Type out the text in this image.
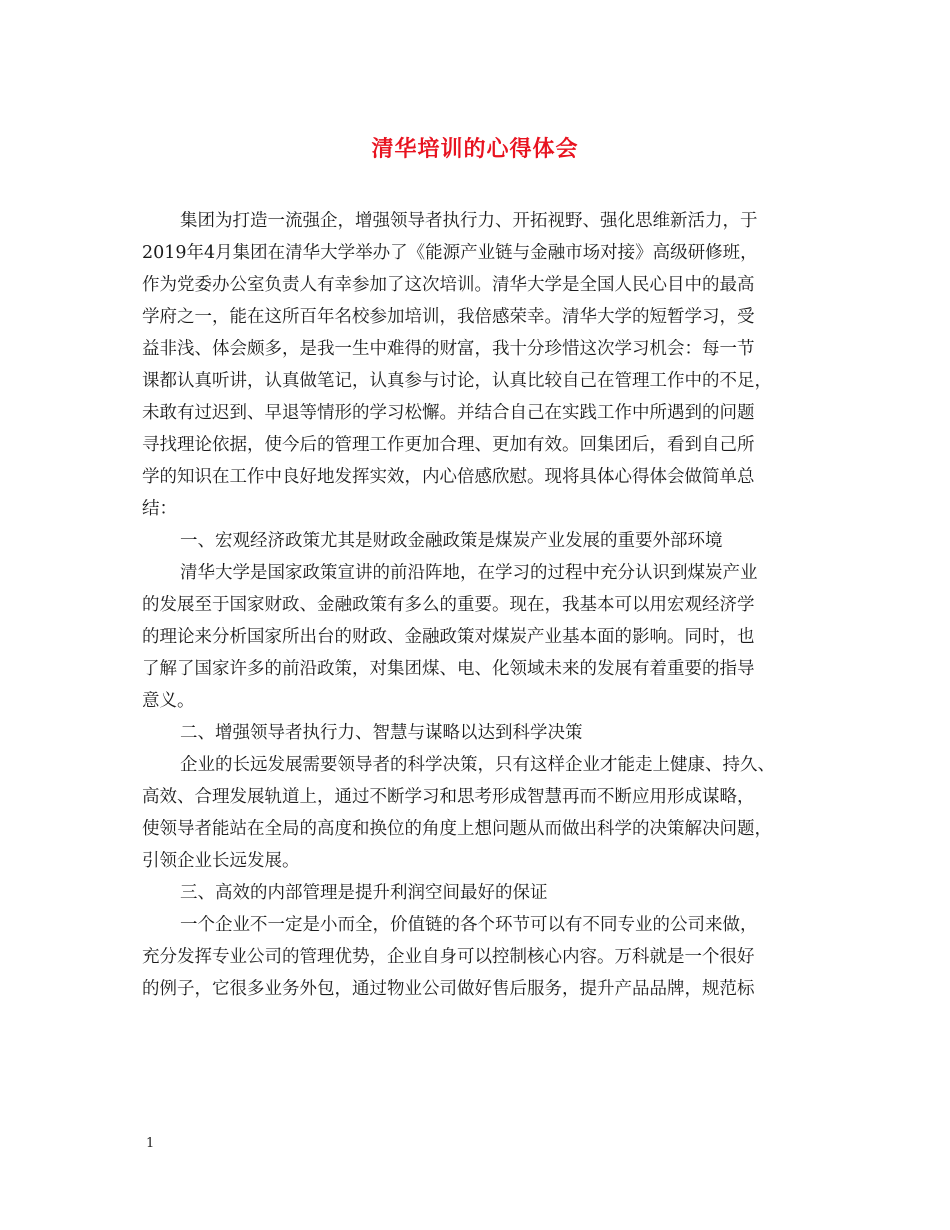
清华培训的心得体会
集团为打造一流强企，增强领导者执行力、开拓视野、强化思维新活力，于
2019年4月集团在清华大学举办了《能源产业链与金融市场对接》高级研修班，
作为党委办公室负责人有幸参加了这次培训。清华大学是全国人民心目中的最高
学府之一，能在这所百年名校参加培训，我倍感荣幸。清华大学的短暂学习，受
益非浅、体会颇多，是我一生中难得的财富，我十分珍惜这次学习机会：每一节
课都认真听讲，认真做笔记，认真参与讨论，认真比较自己在管理工作中的不足，
未敢有过迟到、早退等情形的学习松懈。并结合自己在实践工作中所遇到的问题
寻找理论依据，使今后的管理工作更加合理、更加有效。回集团后，看到自己所
学的知识在工作中良好地发挥实效，内心倍感欣慰。现将具体心得体会做简单总
结：
一、宏观经济政策尤其是财政金融政策是煤炭产业发展的重要外部环境
清华大学是国家政策宣讲的前沿阵地，在学习的过程中充分认识到煤炭产业
的发展至于国家财政、金融政策有多么的重要。现在，我基本可以用宏观经济学
的理论来分析国家所出台的财政、金融政策对煤炭产业基本面的影响。同时，也
了解了国家许多的前沿政策，对集团煤、电、化领域未来的发展有着重要的指导
意义。
二、增强领导者执行力、智慧与谋略以达到科学决策
企业的长远发展需要领导者的科学决策，只有这样企业才能走上健康、持久、
高效、合理发展轨道上，通过不断学习和思考形成智慧再而不断应用形成谋略，
使领导者能站在全局的高度和换位的角度上想问题从而做出科学的决策解决问题，
引领企业长远发展。
三、高效的内部管理是提升利润空间最好的保证
一个企业不一定是小而全，价值链的各个环节可以有不同专业的公司来做，
充分发挥专业公司的管理优势，企业自身可以控制核心内容。万科就是一个很好
的例子，它很多业务外包，通过物业公司做好售后服务，提升产品品牌，规范标
1
